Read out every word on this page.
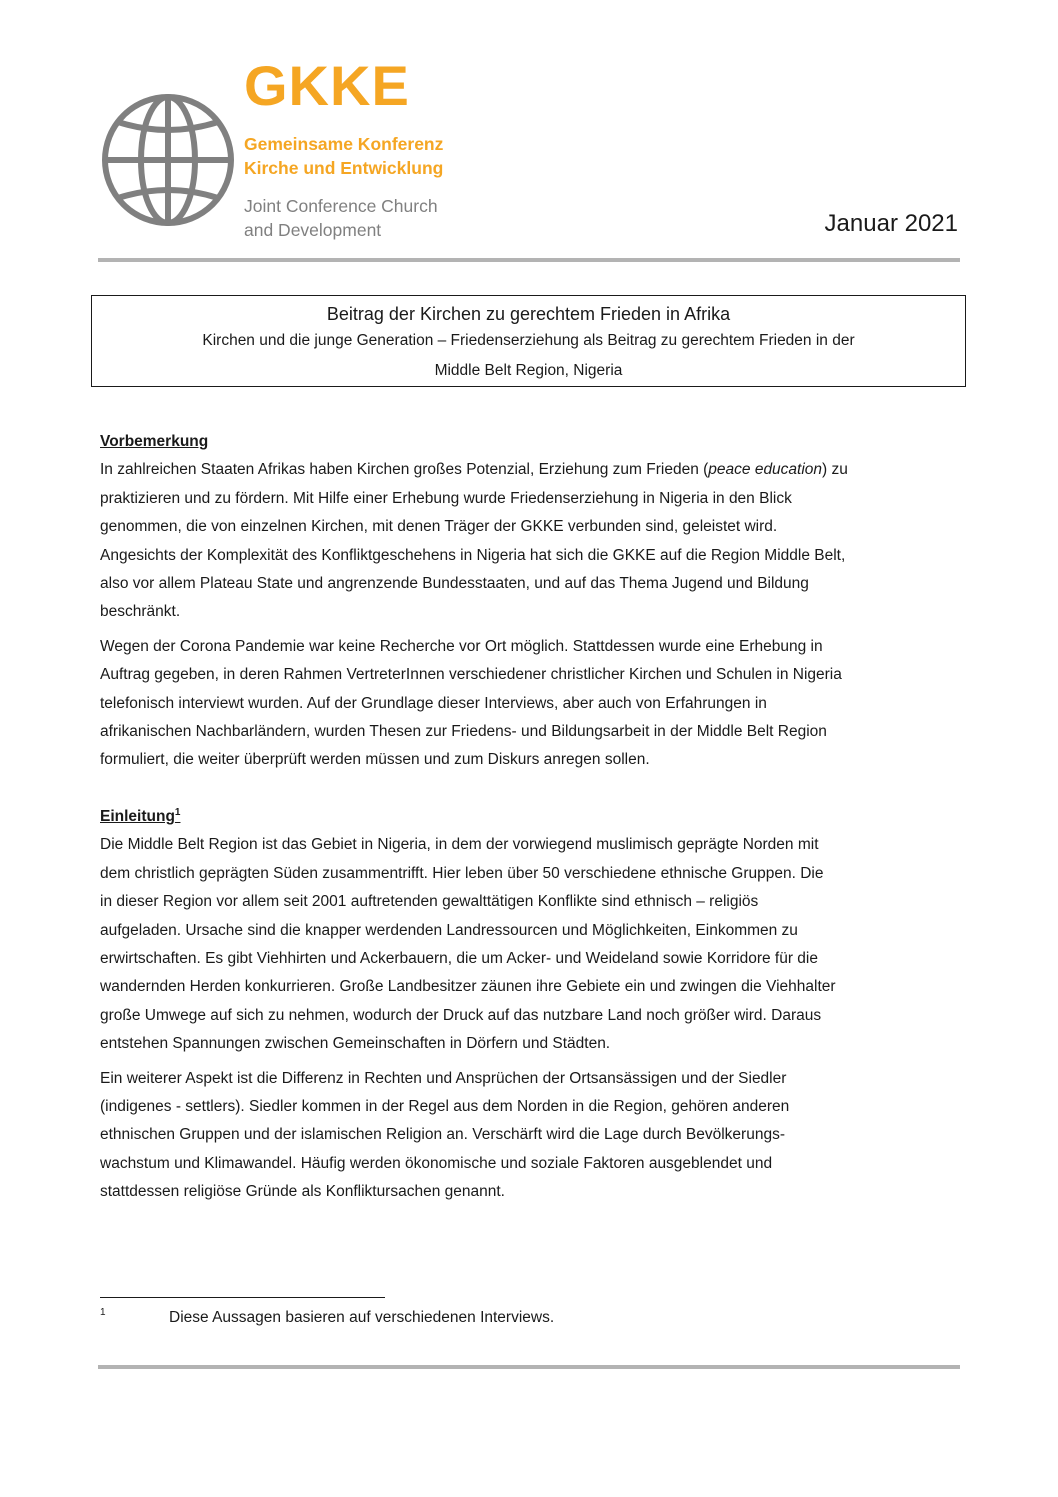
GKKE
Gemeinsame Konferenz
Kirche und Entwicklung
Joint Conference Church
and Development	Januar 2021
Beitrag der Kirchen zu gerechtem Frieden in Afrika
Kirchen und die junge Generation – Friedenserziehung als Beitrag zu gerechtem Frieden in der
Middle Belt Region, Nigeria

Vorbemerkung

In zahlreichen Staaten Afrikas haben Kirchen großes Potenzial, Erziehung zum Frieden (peace education) zu
praktizieren und zu fördern. Mit Hilfe einer Erhebung wurde Friedenserziehung in Nigeria in den Blick
genommen, die von einzelnen Kirchen, mit denen Träger der GKKE verbunden sind, geleistet wird.
Angesichts der Komplexität des Konfliktgeschehens in Nigeria hat sich die GKKE auf die Region Middle Belt,
also vor allem Plateau State und angrenzende Bundesstaaten, und auf das Thema Jugend und Bildung
beschränkt.

Wegen der Corona Pandemie war keine Recherche vor Ort möglich. Stattdessen wurde eine Erhebung in
Auftrag gegeben, in deren Rahmen VertreterInnen verschiedener christlicher Kirchen und Schulen in Nigeria
telefonisch interviewt wurden. Auf der Grundlage dieser Interviews, aber auch von Erfahrungen in
afrikanischen Nachbarländern, wurden Thesen zur Friedens- und Bildungsarbeit in der Middle Belt Region
formuliert, die weiter überprüft werden müssen und zum Diskurs anregen sollen.

Einleitung$^1$

Die Middle Belt Region ist das Gebiet in Nigeria, in dem der vorwiegend muslimisch geprägte Norden mit
dem christlich geprägten Süden zusammentrifft. Hier leben über 50 verschiedene ethnische Gruppen. Die
in dieser Region vor allem seit 2001 auftretenden gewalttätigen Konflikte sind ethnisch – religiös
aufgeladen. Ursache sind die knapper werdenden Landressourcen und Möglichkeiten, Einkommen zu
erwirtschaften. Es gibt Viehhirten und Ackerbauern, die um Acker- und Weideland sowie Korridore für die
wandernden Herden konkurrieren. Große Landbesitzer zäunen ihre Gebiete ein und zwingen die Viehhalter
große Umwege auf sich zu nehmen, wodurch der Druck auf das nutzbare Land noch größer wird. Daraus
entstehen Spannungen zwischen Gemeinschaften in Dörfern und Städten.

Ein weiterer Aspekt ist die Differenz in Rechten und Ansprüchen der Ortsansässigen und der Siedler
(indigenes - settlers). Siedler kommen in der Regel aus dem Norden in die Region, gehören anderen
ethnischen Gruppen und der islamischen Religion an. Verschärft wird die Lage durch Bevölkerungs-
wachstum und Klimawandel. Häufig werden ökonomische und soziale Faktoren ausgeblendet und
stattdessen religiöse Gründe als Konfliktursachen genannt.

1	Diese Aussagen basieren auf verschiedenen Interviews.
